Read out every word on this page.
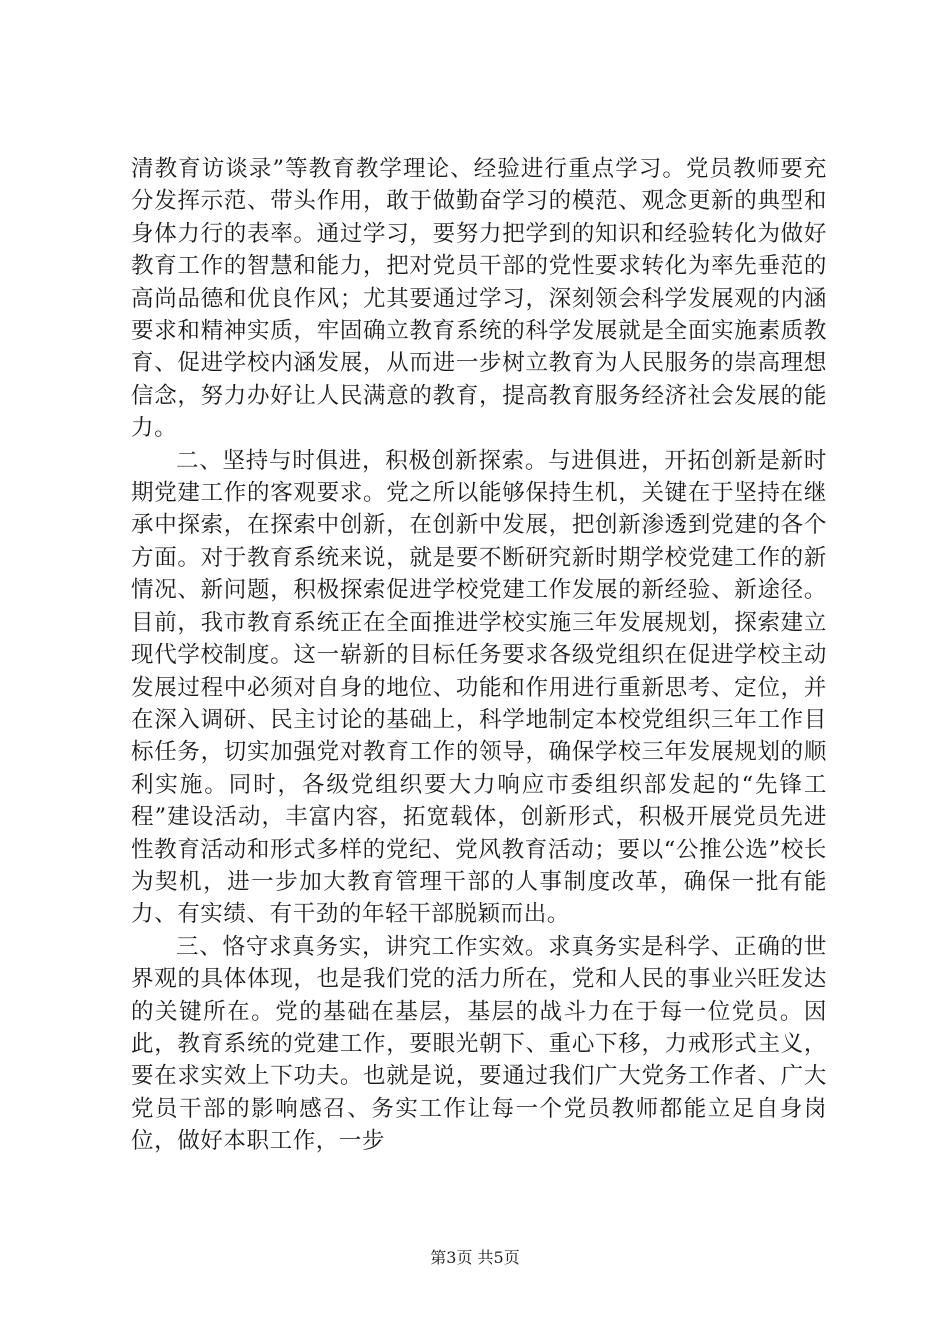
清教育访谈录”等教育教学理论、经验进行重点学习。党员教师要充分发挥示范、带头作用，敢于做勤奋学习的模范、观念更新的典型和身体力行的表率。通过学习，要努力把学到的知识和经验转化为做好教育工作的智慧和能力，把对党员干部的党性要求转化为率先垂范的高尚品德和优良作风；尤其要通过学习，深刻领会科学发展观的内涵要求和精神实质，牢固确立教育系统的科学发展就是全面实施素质教育、促进学校内涵发展，从而进一步树立教育为人民服务的崇高理想信念，努力办好让人民满意的教育，提高教育服务经济社会发展的能力。

二、坚持与时俱进，积极创新探索。与进俱进，开拓创新是新时期党建工作的客观要求。党之所以能够保持生机，关键在于坚持在继承中探索，在探索中创新，在创新中发展，把创新渗透到党建的各个方面。对于教育系统来说，就是要不断研究新时期学校党建工作的新情况、新问题，积极探索促进学校党建工作发展的新经验、新途径。目前，我市教育系统正在全面推进学校实施三年发展规划，探索建立现代学校制度。这一崭新的目标任务要求各级党组织在促进学校主动发展过程中必须对自身的地位、功能和作用进行重新思考、定位，并在深入调研、民主讨论的基础上，科学地制定本校党组织三年工作目标任务，切实加强党对教育工作的领导，确保学校三年发展规划的顺利实施。同时，各级党组织要大力响应市委组织部发起的“先锋工程”建设活动，丰富内容，拓宽载体，创新形式，积极开展党员先进性教育活动和形式多样的党纪、党风教育活动；要以“公推公选”校长为契机，进一步加大教育管理干部的人事制度改革，确保一批有能力、有实绩、有干劲的年轻干部脱颖而出。

三、恪守求真务实，讲究工作实效。求真务实是科学、正确的世界观的具体体现，也是我们党的活力所在，党和人民的事业兴旺发达的关键所在。党的基础在基层，基层的战斗力在于每一位党员。因此，教育系统的党建工作，要眼光朝下、重心下移，力戒形式主义，要在求实效上下功夫。也就是说，要通过我们广大党务工作者、广大党员干部的影响感召、务实工作让每一个党员教师都能立足自身岗位，做好本职工作，一步

第3页 共5页
